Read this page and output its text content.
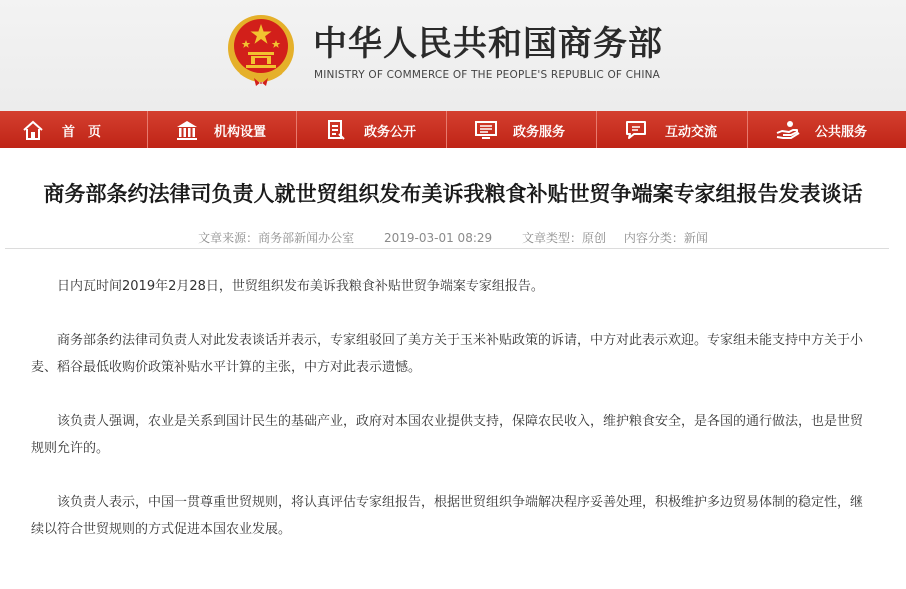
中华人民共和国商务部
MINISTRY OF COMMERCE OF THE PEOPLE'S REPUBLIC OF CHINA
首　页	机构设置	政务公开	政务服务	互动交流	公共服务
商务部条约法律司负责人就世贸组织发布美诉我粮食补贴世贸争端案专家组报告发表谈话
文章来源：商务部新闻办公室 2019-03-01 08:29 文章类型：原创 内容分类：新闻

日内瓦时间2019年2月28日，世贸组织发布美诉我粮食补贴世贸争端案专家组报告。

商务部条约法律司负责人对此发表谈话并表示，专家组驳回了美方关于玉米补贴政策的诉请，中方对此表示欢迎。专家组未能支持中方关于小麦、稻谷最低收购价政策补贴水平计算的主张，中方对此表示遗憾。

该负责人强调，农业是关系到国计民生的基础产业，政府对本国农业提供支持，保障农民收入，维护粮食安全，是各国的通行做法，也是世贸规则允许的。

该负责人表示，中国一贯尊重世贸规则，将认真评估专家组报告，根据世贸组织争端解决程序妥善处理，积极维护多边贸易体制的稳定性，继续以符合世贸规则的方式促进本国农业发展。
